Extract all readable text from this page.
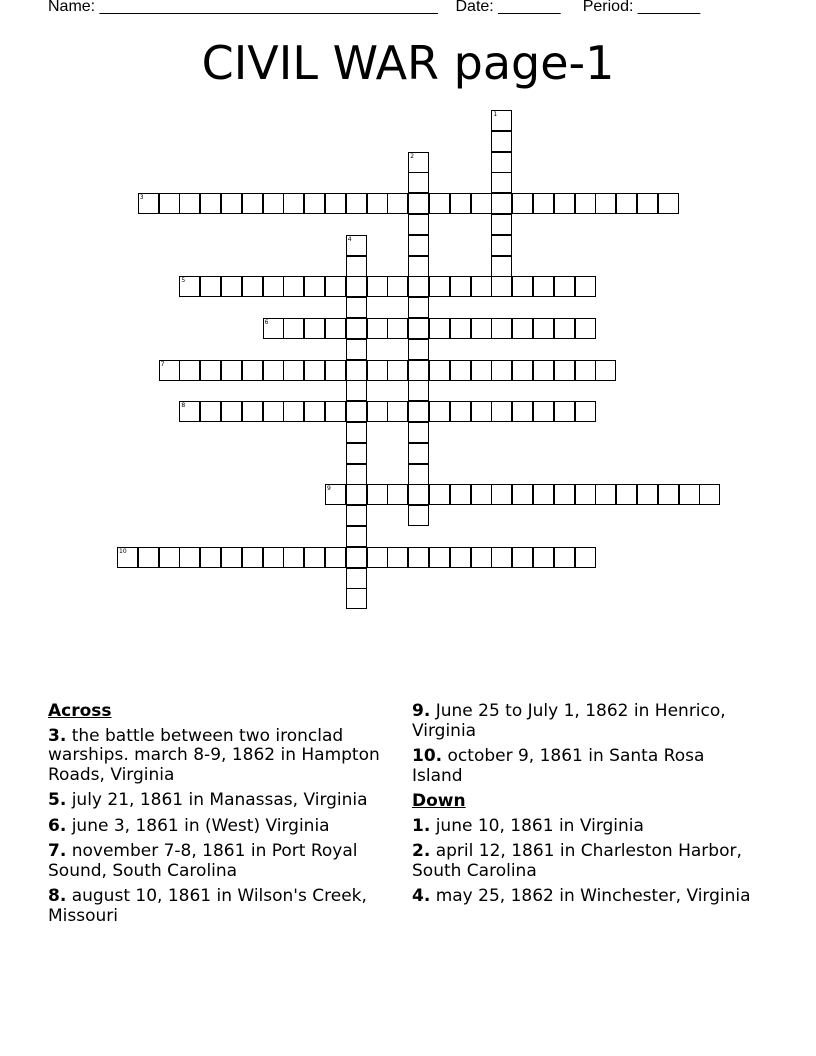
Name: ______________________________________ Date: _______ Period: _______
CIVIL WAR page-1
1
2
3
4
5
6
7
8
9
10
Across
3. the battle between two ironclad warships. march 8-9, 1862 in Hampton Roads, Virginia
5. july 21, 1861 in Manassas, Virginia
6. june 3, 1861 in (West) Virginia
7. november 7-8, 1861 in Port Royal Sound, South Carolina
8. august 10, 1861 in Wilson's Creek, Missouri
9. June 25 to July 1, 1862 in Henrico, Virginia
10. october 9, 1861 in Santa Rosa Island
Down
1. june 10, 1861 in Virginia
2. april 12, 1861 in Charleston Harbor, South Carolina
4. may 25, 1862 in Winchester, Virginia
